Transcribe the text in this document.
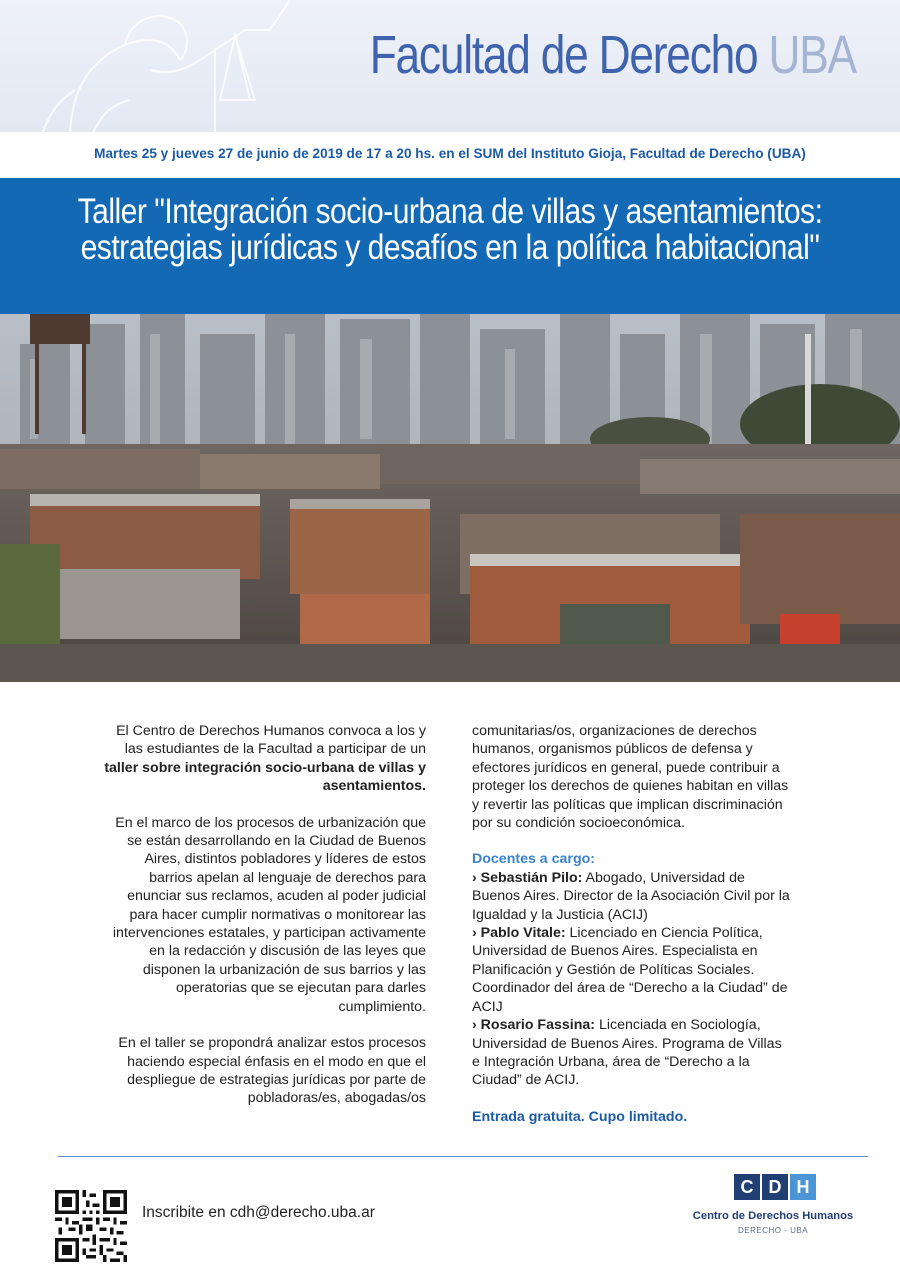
Facultad de Derecho UBA
Martes 25 y jueves 27 de junio de 2019 de 17 a 20 hs. en el SUM del Instituto Gioja, Facultad de Derecho (UBA)
Taller "Integración socio-urbana de villas y asentamientos:
estrategias jurídicas y desafíos en la política habitacional"

El Centro de Derechos Humanos convoca a los y las estudiantes de la Facultad a participar de un taller sobre integración socio-urbana de villas y asentamientos.

En el marco de los procesos de urbanización que se están desarrollando en la Ciudad de Buenos Aires, distintos pobladores y líderes de estos barrios apelan al lenguaje de derechos para enunciar sus reclamos, acuden al poder judicial para hacer cumplir normativas o monitorear las intervenciones estatales, y participan activamente en la redacción y discusión de las leyes que disponen la urbanización de sus barrios y las operatorias que se ejecutan para darles cumplimiento.

En el taller se propondrá analizar estos procesos haciendo especial énfasis en el modo en que el despliegue de estrategias jurídicas por parte de pobladoras/es, abogadas/os

comunitarias/os, organizaciones de derechos humanos, organismos públicos de defensa y efectores jurídicos en general, puede contribuir a proteger los derechos de quienes habitan en villas y revertir las políticas que implican discriminación por su condición socioeconómica.

Docentes a cargo:
› Sebastián Pilo: Abogado, Universidad de Buenos Aires. Director de la Asociación Civil por la Igualdad y la Justicia (ACIJ)
› Pablo Vitale: Licenciado en Ciencia Política, Universidad de Buenos Aires. Especialista en Planificación y Gestión de Políticas Sociales. Coordinador del área de “Derecho a la Ciudad” de ACIJ
› Rosario Fassina: Licenciada en Sociología, Universidad de Buenos Aires. Programa de Villas e Integración Urbana, área de “Derecho a la Ciudad” de ACIJ.
Entrada gratuita. Cupo limitado.
Inscribite en cdh@derecho.uba.ar
C D H
Centro de Derechos Humanos
DERECHO - UBA
